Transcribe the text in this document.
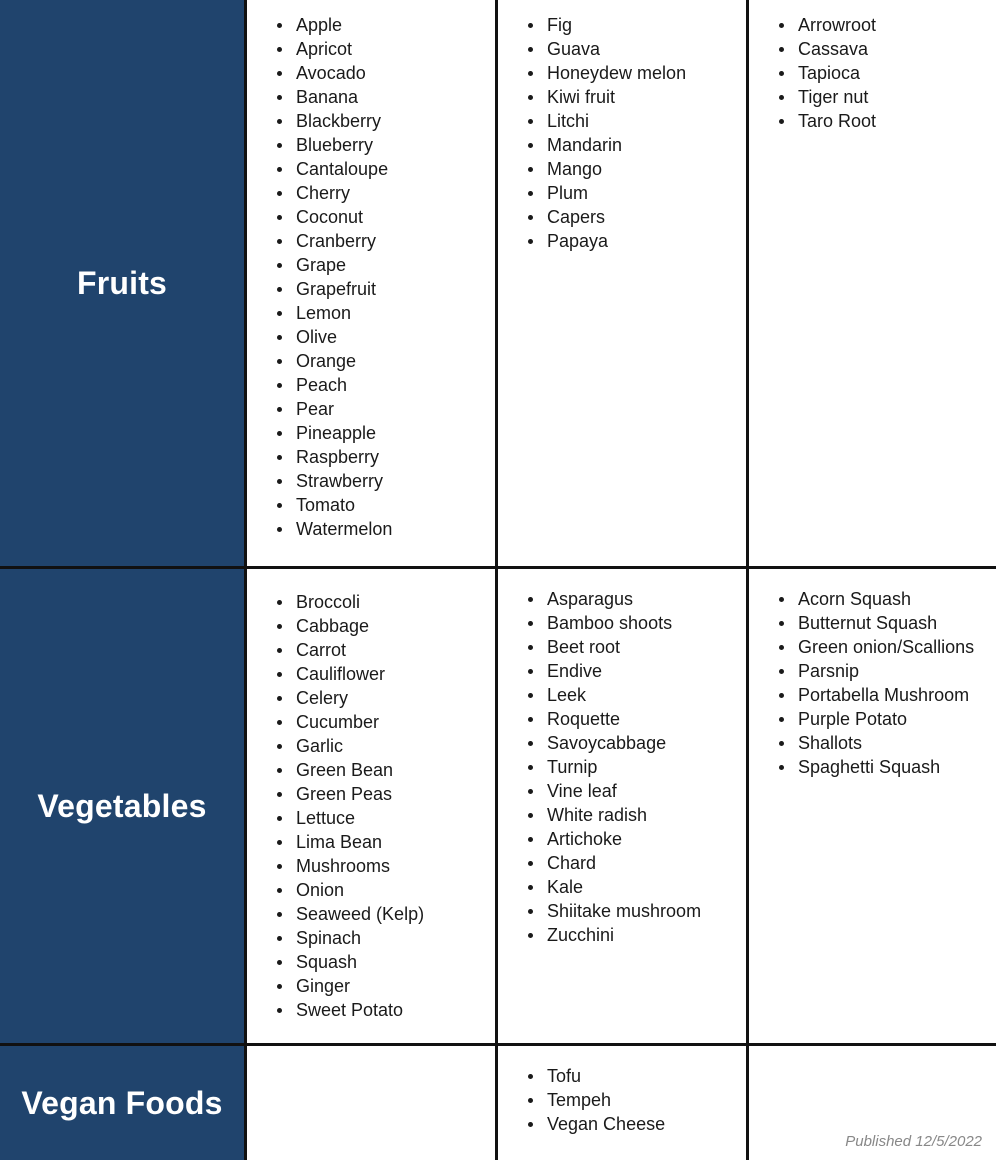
Fruits
Apple
Apricot
Avocado
Banana
Blackberry
Blueberry
Cantaloupe
Cherry
Coconut
Cranberry
Grape
Grapefruit
Lemon
Olive
Orange
Peach
Pear
Pineapple
Raspberry
Strawberry
Tomato
Watermelon
Fig
Guava
Honeydew melon
Kiwi fruit
Litchi
Mandarin
Mango
Plum
Capers
Papaya
Arrowroot
Cassava
Tapioca
Tiger nut
Taro Root
Vegetables
Broccoli
Cabbage
Carrot
Cauliflower
Celery
Cucumber
Garlic
Green Bean
Green Peas
Lettuce
Lima Bean
Mushrooms
Onion
Seaweed (Kelp)
Spinach
Squash
Ginger
Sweet Potato
Asparagus
Bamboo shoots
Beet root
Endive
Leek
Roquette
Savoycabbage
Turnip
Vine leaf
White radish
Artichoke
Chard
Kale
Shiitake mushroom
Zucchini
Acorn Squash
Butternut Squash
Green onion/Scallions
Parsnip
Portabella Mushroom
Purple Potato
Shallots
Spaghetti Squash
Vegan Foods
Tofu
Tempeh
Vegan Cheese
Published 12/5/2022
